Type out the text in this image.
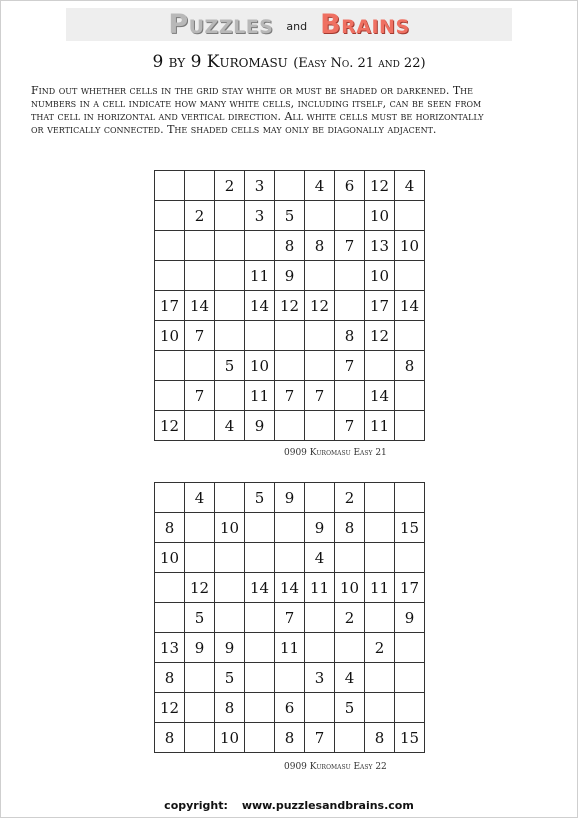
Puzzles and Brains
9 by 9 Kuromasu (Easy No. 21 and 22)
Find out whether cells in the grid stay white or must be shaded or darkened. The
numbers in a cell indicate how many white cells, including itself, can be seen from
that cell in horizontal and vertical direction. All white cells must be horizontally
or vertically connected. The shaded cells may only be diagonally adjacent.
		2	3		4	6	12	4
	2		3	5			10	
				8	8	7	13	10
			11	9			10	
17	14		14	12	12		17	14
10	7					8	12	
		5	10			7		8
	7		11	7	7		14	
12		4	9			7	11	
0909 Kuromasu Easy 21
	4		5	9		2		
8		10			9	8		15
10					4			
	12		14	14	11	10	11	17
	5			7		2		9
13	9	9		11			2	
8		5			3	4		
12		8		6		5		
8		10		8	7		8	15
0909 Kuromasu Easy 22
copyright: www.puzzlesandbrains.com
